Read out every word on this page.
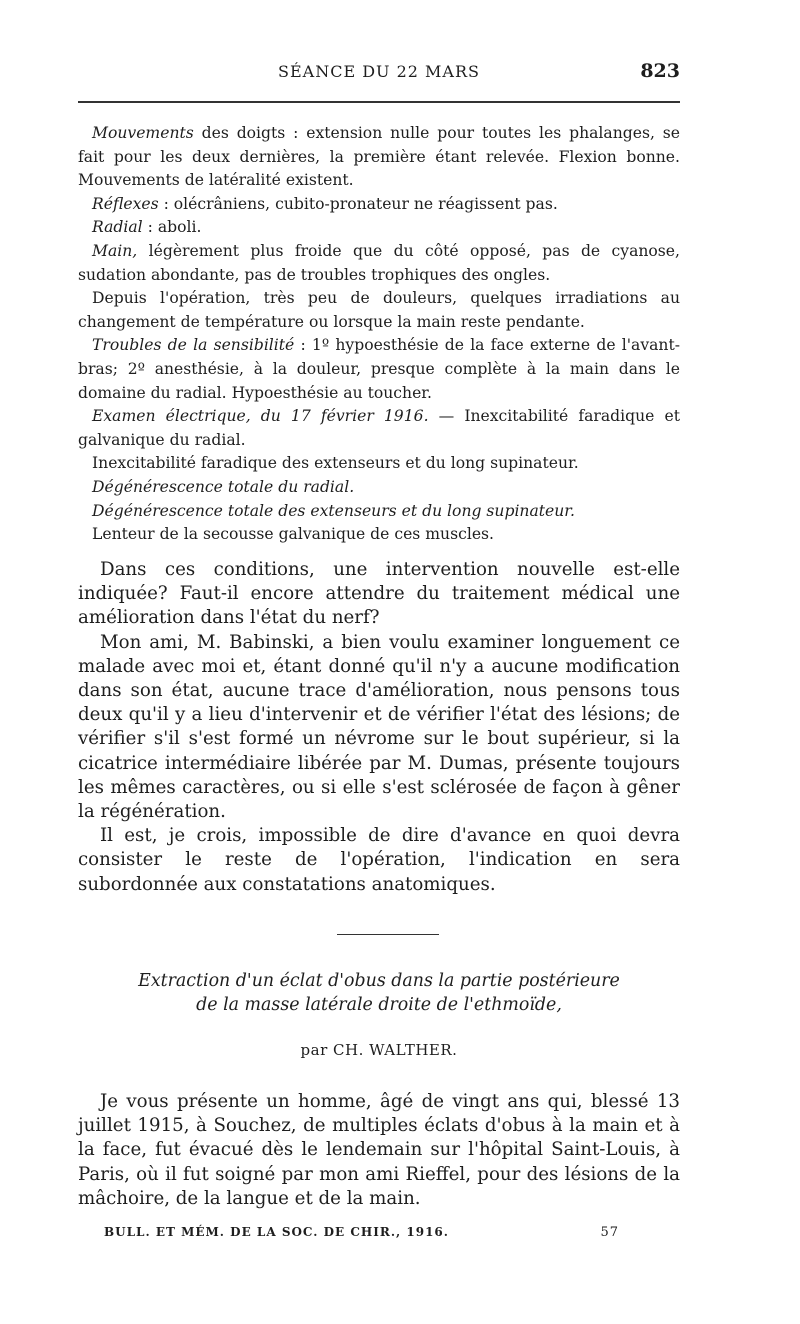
SÉANCE DU 22 MARS	823

Mouvements des doigts : extension nulle pour toutes les phalanges, se fait pour les deux dernières, la première étant relevée. Flexion bonne. Mouvements de latéralité existent.

Réflexes : olécrâniens, cubito-pronateur ne réagissent pas.

Radial : aboli.

Main, légèrement plus froide que du côté opposé, pas de cyanose, sudation abondante, pas de troubles trophiques des ongles.

Depuis l'opération, très peu de douleurs, quelques irradiations au changement de température ou lorsque la main reste pendante.

Troubles de la sensibilité : 1º hypoesthésie de la face externe de l'avant-bras; 2º anesthésie, à la douleur, presque complète à la main dans le domaine du radial. Hypoesthésie au toucher.

Examen électrique, du 17 février 1916. — Inexcitabilité faradique et galvanique du radial.

Inexcitabilité faradique des extenseurs et du long supinateur.

Dégénérescence totale du radial.

Dégénérescence totale des extenseurs et du long supinateur.

Lenteur de la secousse galvanique de ces muscles.

Dans ces conditions, une intervention nouvelle est-elle indiquée? Faut-il encore attendre du traitement médical une amélioration dans l'état du nerf?

Mon ami, M. Babinski, a bien voulu examiner longuement ce malade avec moi et, étant donné qu'il n'y a aucune modification dans son état, aucune trace d'amélioration, nous pensons tous deux qu'il y a lieu d'intervenir et de vérifier l'état des lésions; de vérifier s'il s'est formé un névrome sur le bout supérieur, si la cicatrice intermédiaire libérée par M. Dumas, présente toujours les mêmes caractères, ou si elle s'est sclérosée de façon à gêner la régénération.

Il est, je crois, impossible de dire d'avance en quoi devra consister le reste de l'opération, l'indication en sera subordonnée aux constatations anatomiques.

Extraction d'un éclat d'obus dans la partie postérieure
de la masse latérale droite de l'ethmoïde,
par CH. WALTHER.

Je vous présente un homme, âgé de vingt ans qui, blessé 13 juillet 1915, à Souchez, de multiples éclats d'obus à la main et à la face, fut évacué dès le lendemain sur l'hôpital Saint-Louis, à Paris, où il fut soigné par mon ami Rieffel, pour des lésions de la mâchoire, de la langue et de la main.

BULL. ET MÉM. DE LA SOC. DE CHIR., 1916.	57
